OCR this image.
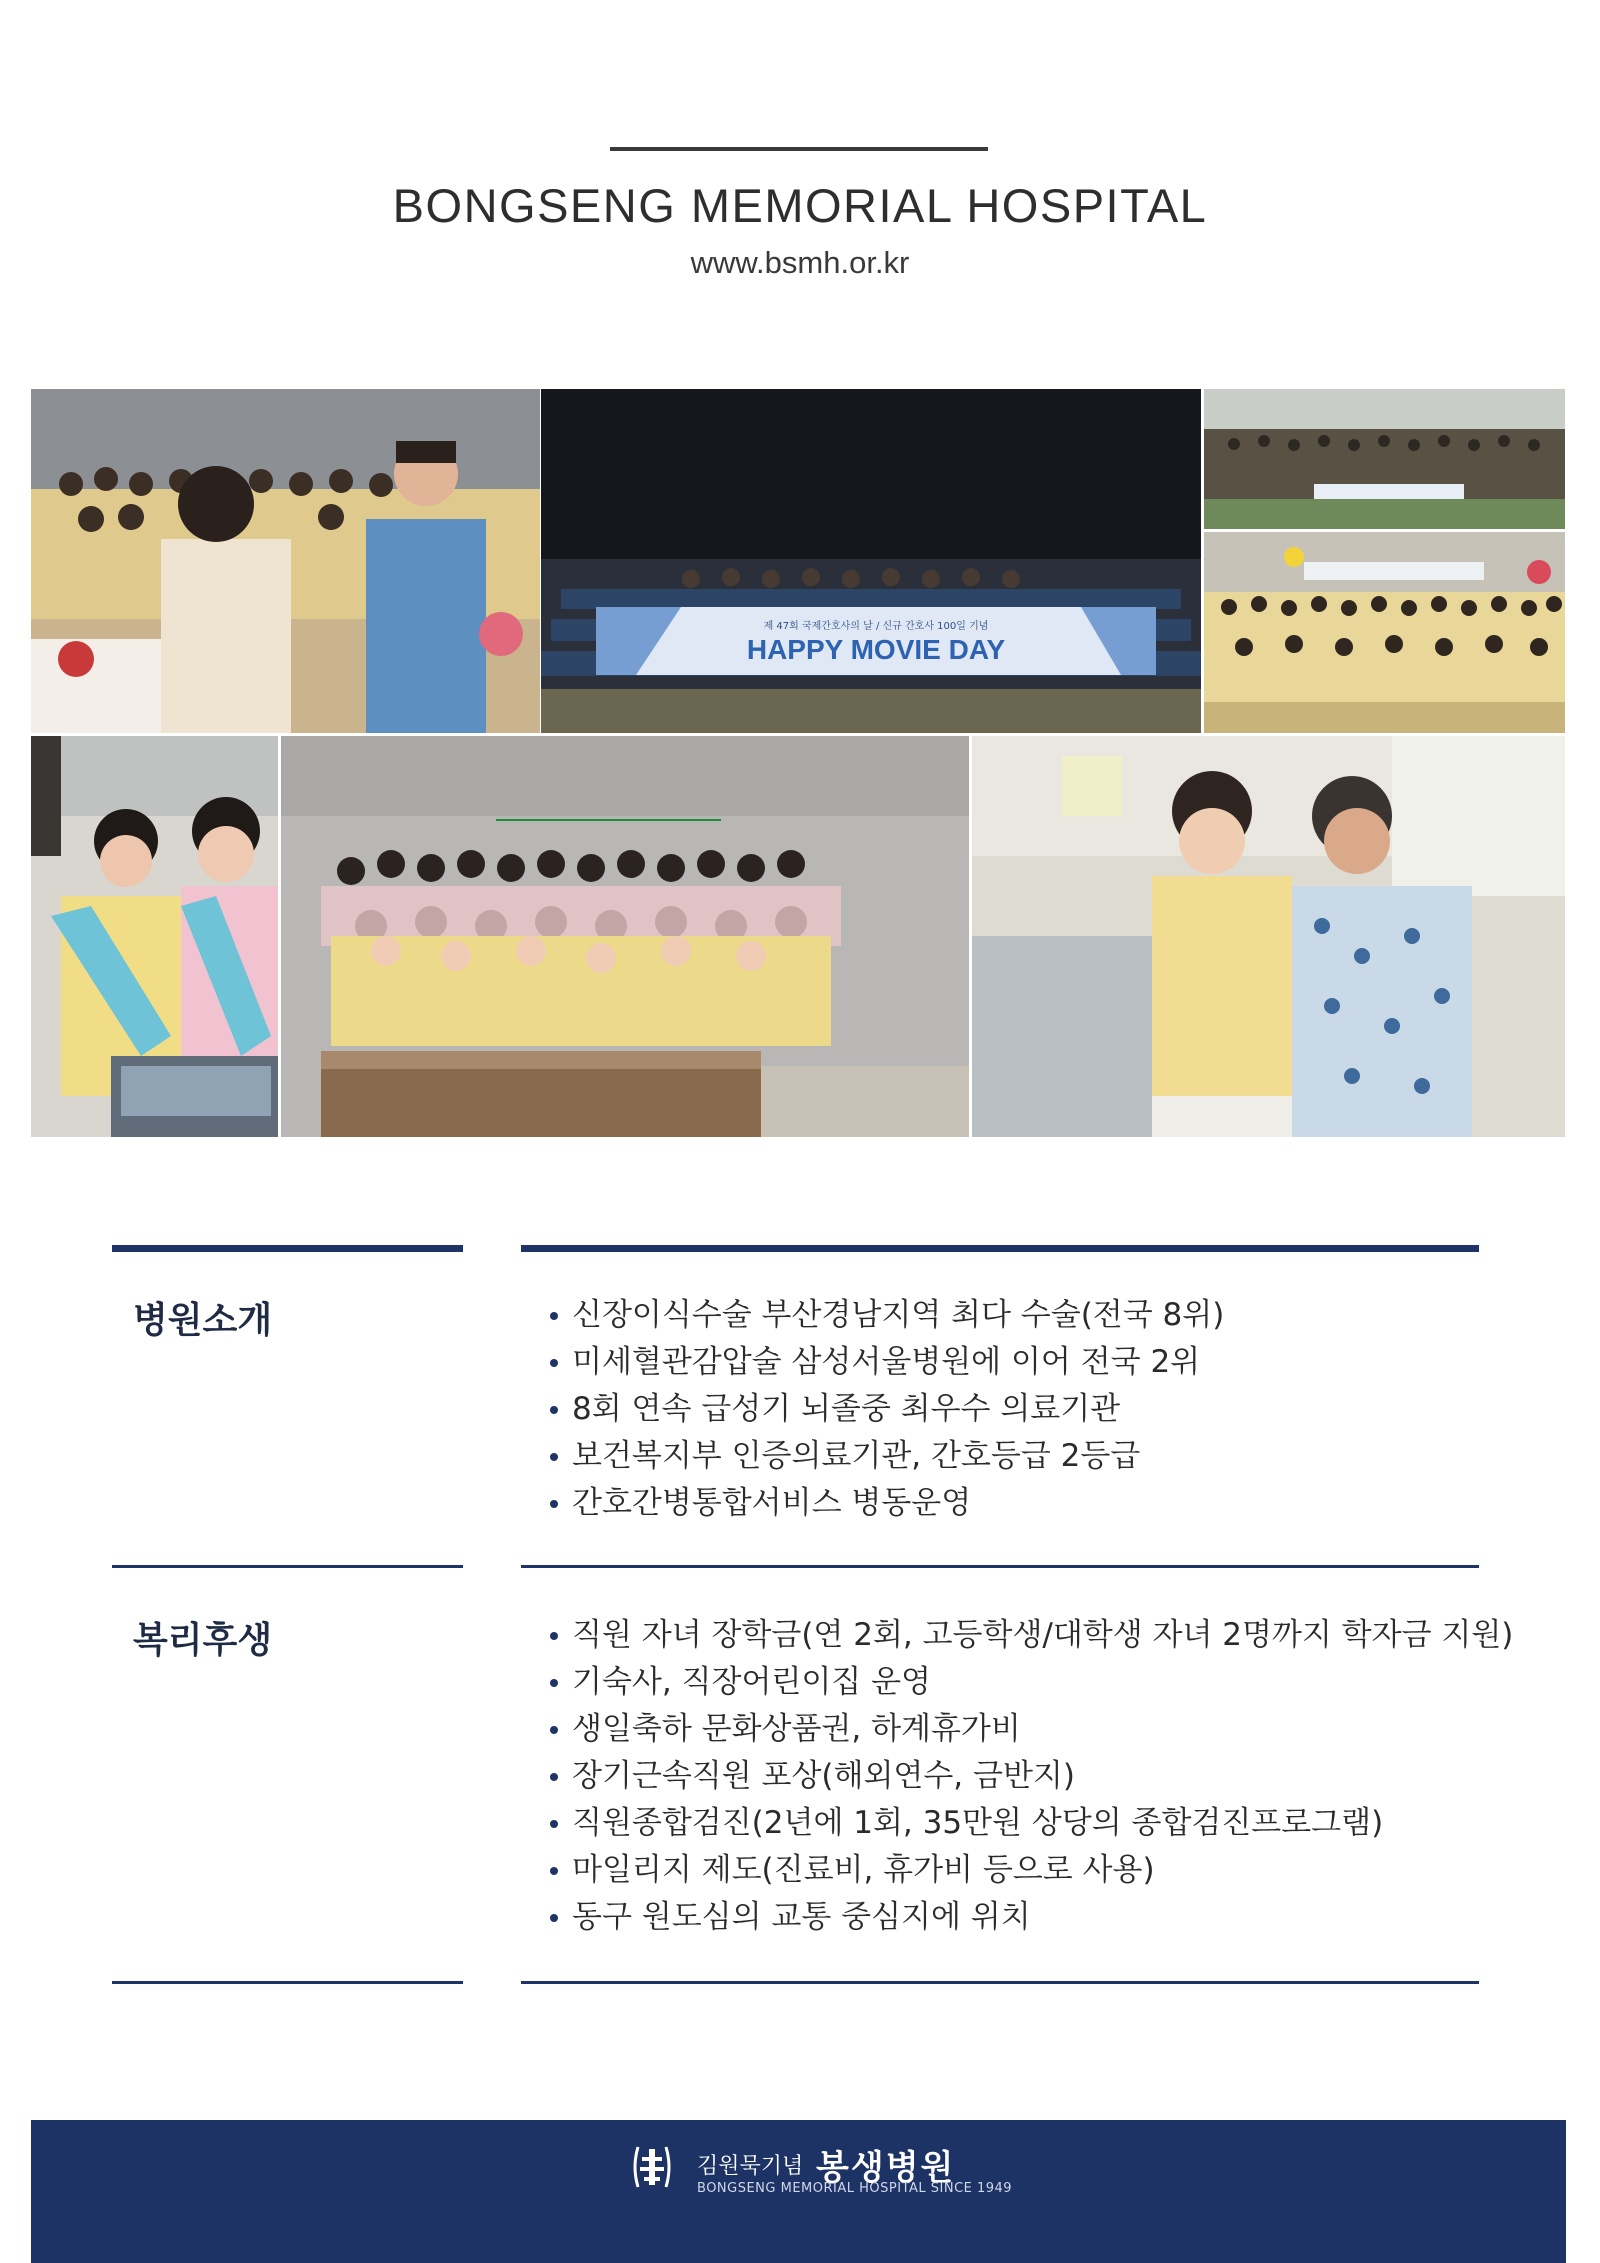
BONGSENG MEMORIAL HOSPITAL
www.bsmh.or.kr
제 47회 국제간호사의 날 / 신규 간호사 100일 기념
HAPPY MOVIE DAY
병원소개	신장이식수술 부산경남지역 최다 수술(전국 8위)
미세혈관감압술 삼성서울병원에 이어 전국 2위
8회 연속 급성기 뇌졸중 최우수 의료기관
보건복지부 인증의료기관, 간호등급 2등급
간호간병통합서비스 병동운영
복리후생	직원 자녀 장학금(연 2회, 고등학생/대학생 자녀 2명까지 학자금 지원)
기숙사, 직장어린이집 운영
생일축하 문화상품권, 하계휴가비
장기근속직원 포상(해외연수, 금반지)
직원종합검진(2년에 1회, 35만원 상당의 종합검진프로그램)
마일리지 제도(진료비, 휴가비 등으로 사용)
동구 원도심의 교통 중심지에 위치
김원묵기념 봉생병원
BONGSENG MEMORIAL HOSPITAL SINCE 1949
